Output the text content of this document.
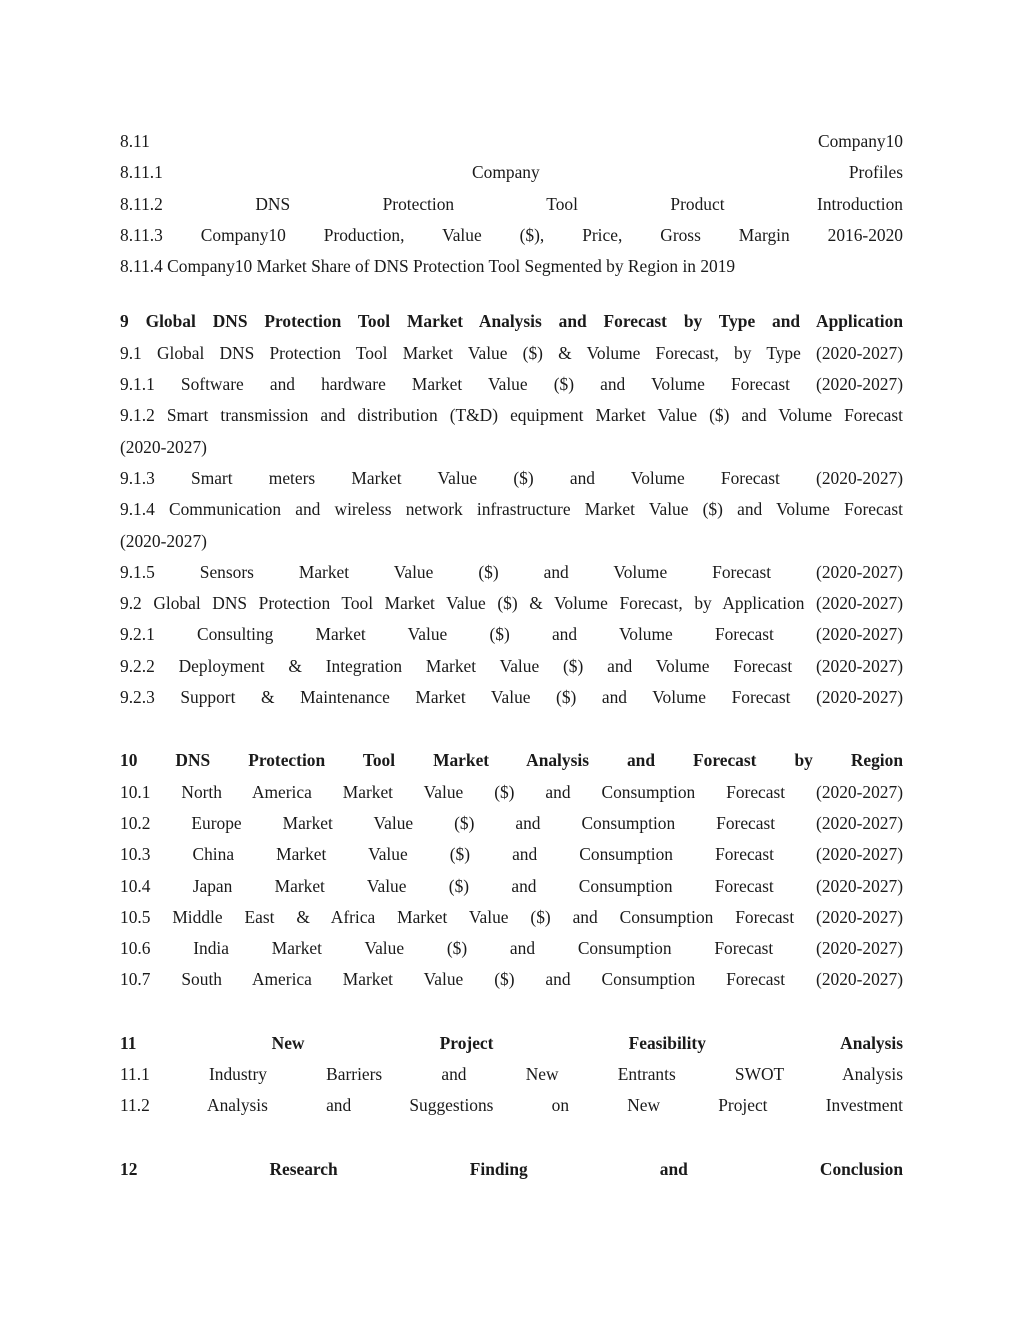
8.11 Company10
8.11.1 Company Profiles
8.11.2 DNS Protection Tool Product Introduction
8.11.3 Company10 Production, Value ($), Price, Gross Margin 2016-2020
8.11.4 Company10 Market Share of DNS Protection Tool Segmented by Region in 2019
9 Global DNS Protection Tool Market Analysis and Forecast by Type and Application
9.1 Global DNS Protection Tool Market Value ($) & Volume Forecast, by Type (2020-2027)
9.1.1 Software and hardware Market Value ($) and Volume Forecast (2020-2027)
9.1.2 Smart transmission and distribution (T&D) equipment Market Value ($) and Volume Forecast
(2020-2027)
9.1.3 Smart meters Market Value ($) and Volume Forecast (2020-2027)
9.1.4 Communication and wireless network infrastructure Market Value ($) and Volume Forecast
(2020-2027)
9.1.5 Sensors Market Value ($) and Volume Forecast (2020-2027)
9.2 Global DNS Protection Tool Market Value ($) & Volume Forecast, by Application (2020-2027)
9.2.1 Consulting Market Value ($) and Volume Forecast (2020-2027)
9.2.2 Deployment & Integration Market Value ($) and Volume Forecast (2020-2027)
9.2.3 Support & Maintenance Market Value ($) and Volume Forecast (2020-2027)
10 DNS Protection Tool Market Analysis and Forecast by Region
10.1 North America Market Value ($) and Consumption Forecast (2020-2027)
10.2 Europe Market Value ($) and Consumption Forecast (2020-2027)
10.3 China Market Value ($) and Consumption Forecast (2020-2027)
10.4 Japan Market Value ($) and Consumption Forecast (2020-2027)
10.5 Middle East & Africa Market Value ($) and Consumption Forecast (2020-2027)
10.6 India Market Value ($) and Consumption Forecast (2020-2027)
10.7 South America Market Value ($) and Consumption Forecast (2020-2027)
11 New Project Feasibility Analysis
11.1 Industry Barriers and New Entrants SWOT Analysis
11.2 Analysis and Suggestions on New Project Investment
12 Research Finding and Conclusion
